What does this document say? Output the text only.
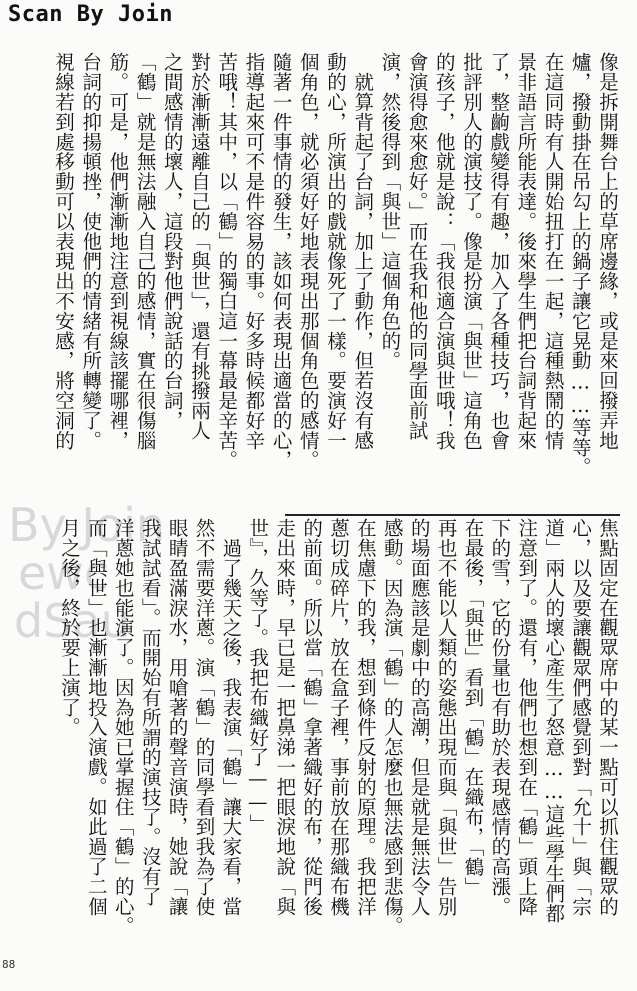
Scan By Join
By Join
ewc
dSau
像是拆開舞台上的草席邊緣，或是來回撥弄地
爐，撥動掛在吊勾上的鍋子讓它晃動……等等。
在這同時有人開始扭打在一起，這種熱鬧的情
景非語言所能表達。後來學生們把台詞背起來
了，整齣戲變得有趣，加入了各種技巧，也會
批評別人的演技了。像是扮演「與世」這角色
的孩子，他就是說：「我很適合演與世哦！我
會演得愈來愈好。」而在我和他的同學面前試
演，然後得到「與世」這個角色的。
　就算背起了台詞，加上了動作，但若沒有感
動的心，所演出的戲就像死了一樣。要演好一
個角色，就必須好好地表現出那個角色的感情。
隨著一件事情的發生，該如何表現出適當的心，
指導起來可不是件容易的事。好多時候都好辛
苦哦！其中，以「鶴」的獨白這一幕最是辛苦。
對於漸漸遠離自己的「與世」，還有挑撥兩人
之間感情的壞人，這段對他們說話的台詞，
「鶴」就是無法融入自己的感情，實在很傷腦
筋。可是，他們漸漸地注意到視線該擺哪裡，
台詞的抑揚頓挫，使他們的情緒有所轉變了。
視線若到處移動可以表現出不安感，將空洞的
焦點固定在觀眾席中的某一點可以抓住觀眾的
心，以及要讓觀眾們感覺到對「允十」與「宗
道」兩人的壞心產生了怒意……這些學生們都
注意到了。還有，他們也想到在「鶴」頭上降
下的雪，它的份量也有助於表現感情的高漲。
在最後，「與世」看到「鶴」在織布，「鶴」
再也不能以人類的姿態出現而與「與世」告別
的場面應該是劇中的高潮，但是就是無法令人
感動。因為演「鶴」的人怎麼也無法感到悲傷。
在焦慮下的我，想到條件反射的原理。我把洋
蔥切成碎片，放在盒子裡，事前放在那織布機
的前面。所以當「鶴」拿著織好的布，從門後
走出來時，早已是一把鼻涕一把眼淚地說「與
世』，久等了。我把布織好了——」
　過了幾天之後，我表演「鶴」讓大家看，當
然不需要洋蔥。演「鶴」的同學看到我為了使
眼睛盈滿淚水，用嗆著的聲音演時，她說「讓
我試試看」。而開始有所謂的演技了。沒有了
洋蔥她也能演了。因為她已掌握住「鶴」的心。
而「與世」也漸漸地投入演戲。如此過了二個
月之後，終於要上演了。
88
